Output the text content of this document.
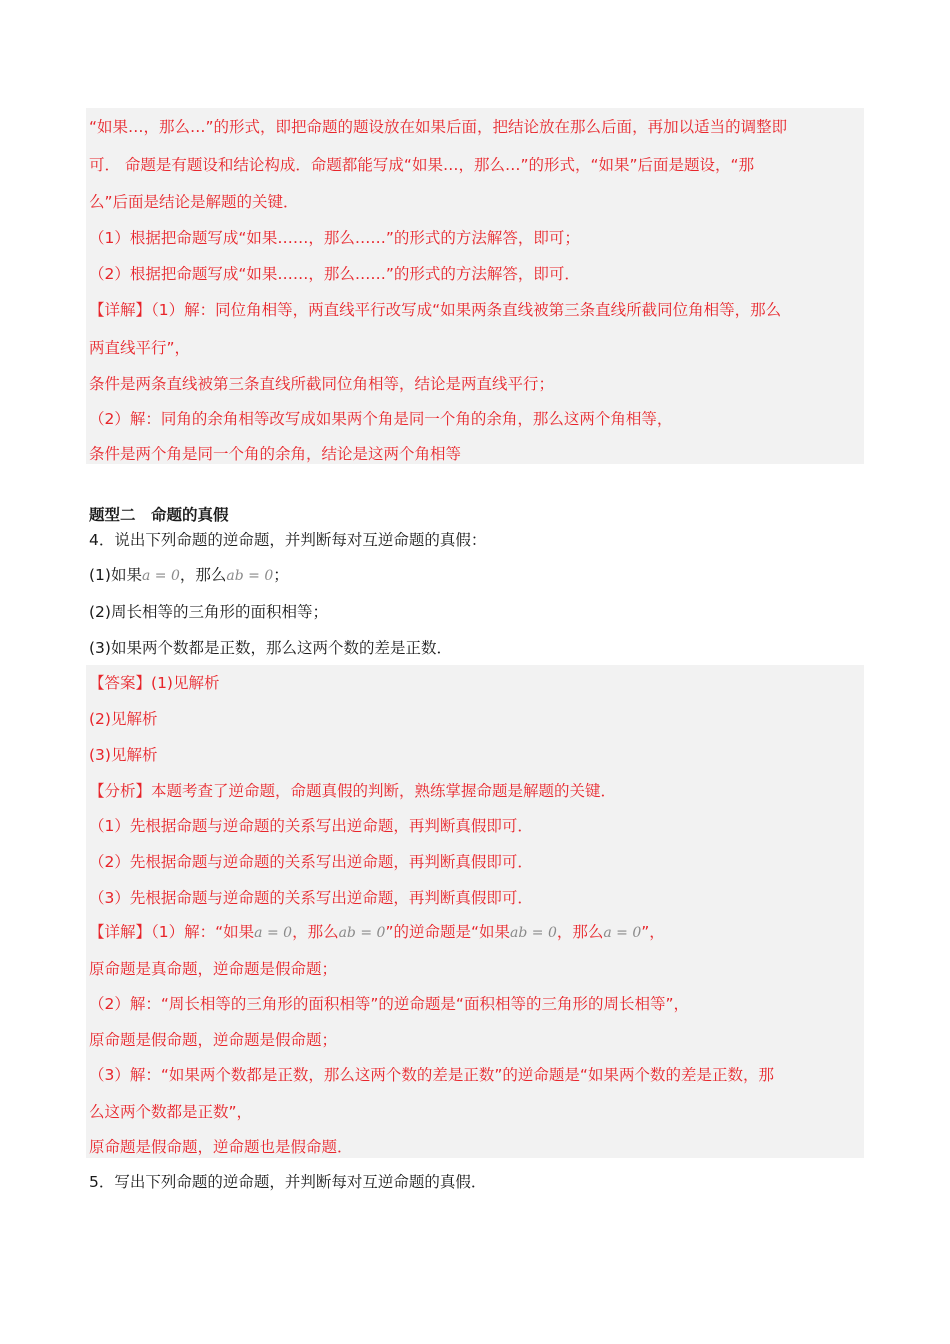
“如果…，那么…”的形式，即把命题的题设放在如果后面，把结论放在那么后面，再加以适当的调整即
可． 命题是有题设和结论构成．命题都能写成“如果…，那么…”的形式，“如果”后面是题设，“那
么”后面是结论是解题的关键．
（1）根据把命题写成“如果……，那么……”的形式的方法解答，即可；
（2）根据把命题写成“如果……，那么……”的形式的方法解答，即可．
【详解】（1）解：同位角相等，两直线平行改写成“如果两条直线被第三条直线所截同位角相等，那么
两直线平行”，
条件是两条直线被第三条直线所截同位角相等，结论是两直线平行；
（2）解：同角的余角相等改写成如果两个角是同一个角的余角，那么这两个角相等，
条件是两个角是同一个角的余角，结论是这两个角相等
题型二　命题的真假
4．说出下列命题的逆命题，并判断每对互逆命题的真假：
(1)如果a = 0，那么ab = 0；
(2)周长相等的三角形的面积相等；
(3)如果两个数都是正数，那么这两个数的差是正数．
【答案】(1)见解析
(2)见解析
(3)见解析
【分析】本题考查了逆命题，命题真假的判断，熟练掌握命题是解题的关键．
（1）先根据命题与逆命题的关系写出逆命题，再判断真假即可．
（2）先根据命题与逆命题的关系写出逆命题，再判断真假即可．
（3）先根据命题与逆命题的关系写出逆命题，再判断真假即可．
【详解】（1）解：“如果a = 0，那么ab = 0”的逆命题是“如果ab = 0，那么a = 0”，
原命题是真命题，逆命题是假命题；
（2）解：“周长相等的三角形的面积相等”的逆命题是“面积相等的三角形的周长相等”，
原命题是假命题，逆命题是假命题；
（3）解：“如果两个数都是正数，那么这两个数的差是正数”的逆命题是“如果两个数的差是正数，那
么这两个数都是正数”，
原命题是假命题，逆命题也是假命题．
5．写出下列命题的逆命题，并判断每对互逆命题的真假．
